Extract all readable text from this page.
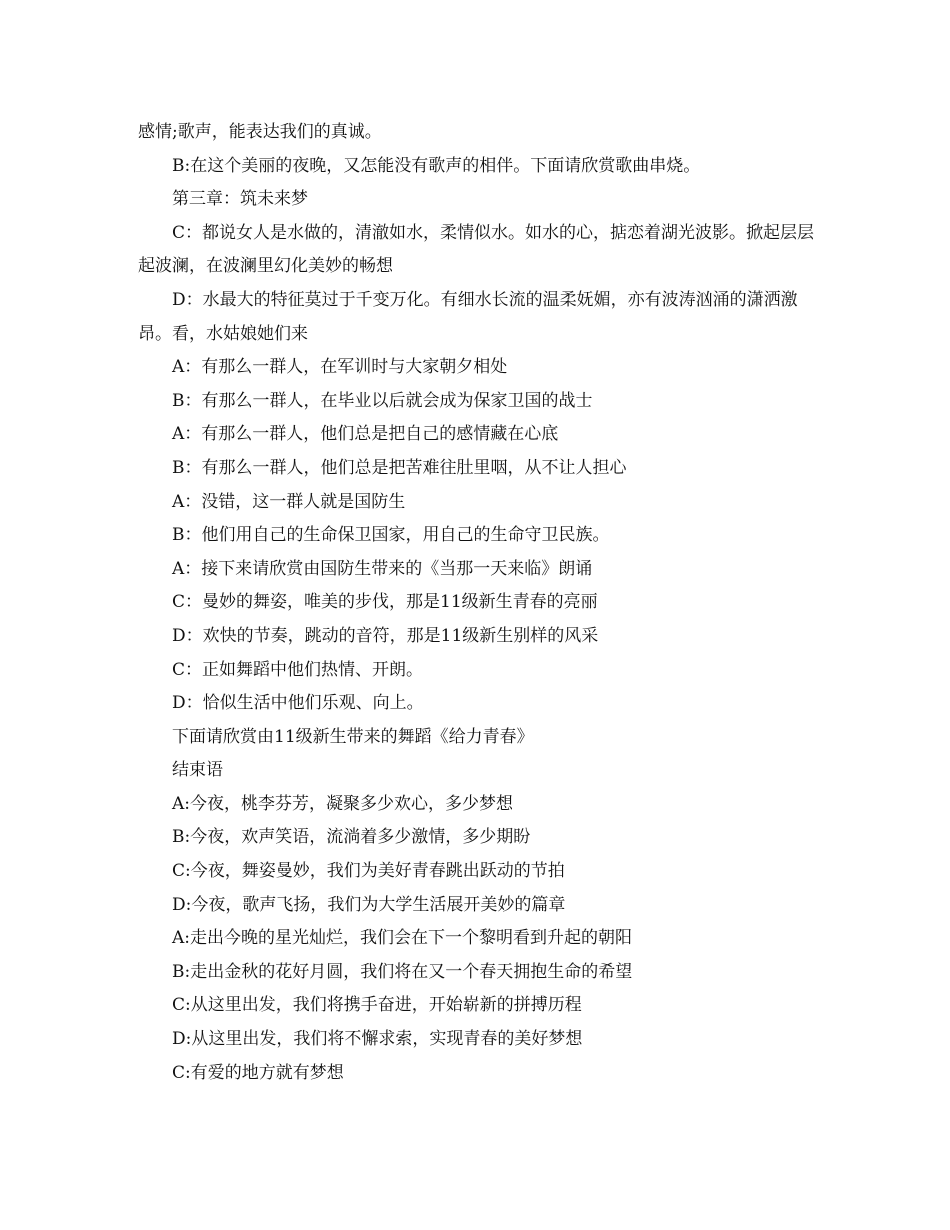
感情;歌声，能表达我们的真诚。

B:在这个美丽的夜晚，又怎能没有歌声的相伴。下面请欣赏歌曲串烧。

第三章：筑未来梦

C：都说女人是水做的，清澈如水，柔情似水。如水的心，掂恋着湖光波影。掀起层层起波澜，在波澜里幻化美妙的畅想

D：水最大的特征莫过于千变万化。有细水长流的温柔妩媚，亦有波涛汹涌的潇洒激昂。看，水姑娘她们来

A：有那么一群人，在军训时与大家朝夕相处

B：有那么一群人，在毕业以后就会成为保家卫国的战士

A：有那么一群人，他们总是把自己的感情藏在心底

B：有那么一群人，他们总是把苦难往肚里咽，从不让人担心

A：没错，这一群人就是国防生

B：他们用自己的生命保卫国家，用自己的生命守卫民族。

A：接下来请欣赏由国防生带来的《当那一天来临》朗诵

C：曼妙的舞姿，唯美的步伐，那是11级新生青春的亮丽

D：欢快的节奏，跳动的音符，那是11级新生别样的风采

C：正如舞蹈中他们热情、开朗。

D：恰似生活中他们乐观、向上。

下面请欣赏由11级新生带来的舞蹈《给力青春》

结束语

A:今夜，桃李芬芳，凝聚多少欢心，多少梦想

B:今夜，欢声笑语，流淌着多少激情，多少期盼

C:今夜，舞姿曼妙，我们为美好青春跳出跃动的节拍

D:今夜，歌声飞扬，我们为大学生活展开美妙的篇章

A:走出今晚的星光灿烂，我们会在下一个黎明看到升起的朝阳

B:走出金秋的花好月圆，我们将在又一个春天拥抱生命的希望

C:从这里出发，我们将携手奋进，开始崭新的拼搏历程

D:从这里出发，我们将不懈求索，实现青春的美好梦想

C:有爱的地方就有梦想
